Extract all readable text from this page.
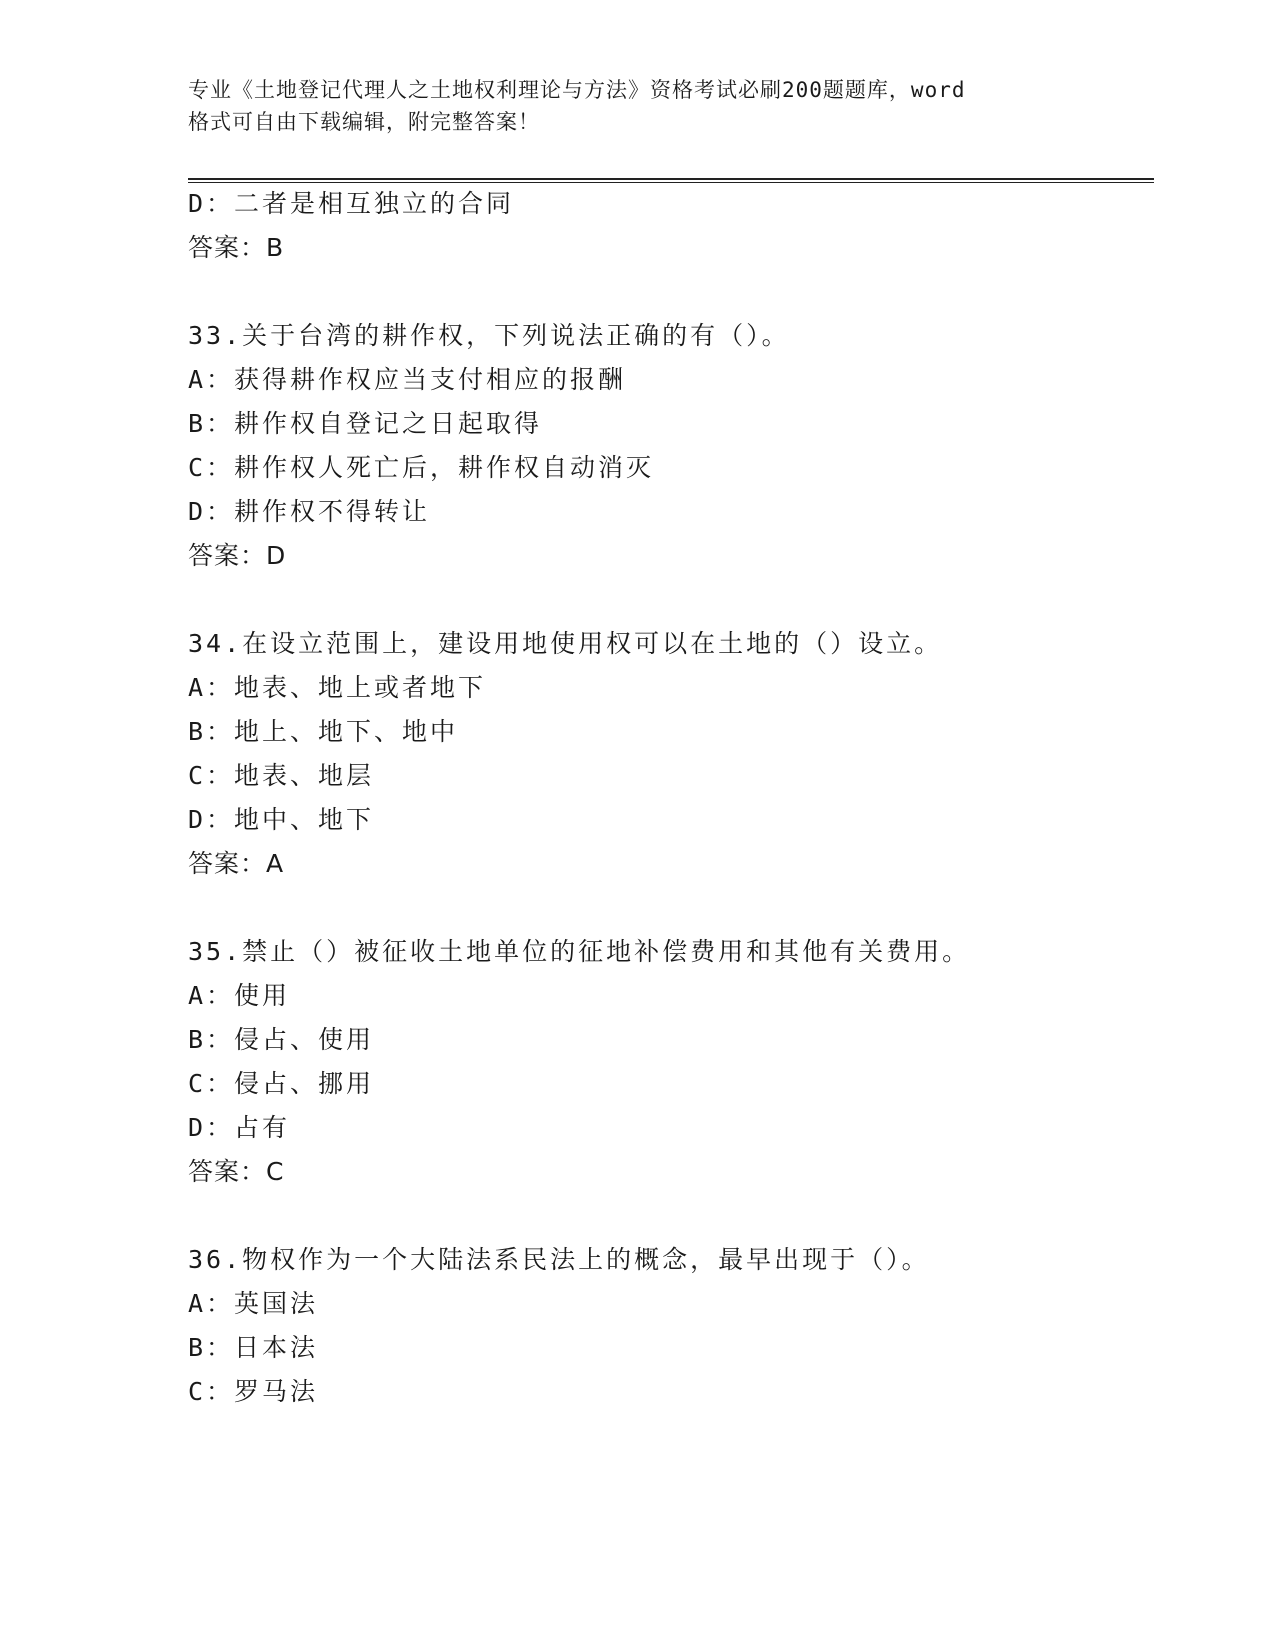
专业《土地登记代理人之土地权利理论与方法》资格考试必刷200题题库，word
格式可自由下载编辑，附完整答案！
D：二者是相互独立的合同
答案：B
33.关于台湾的耕作权，下列说法正确的有（）。
A：获得耕作权应当支付相应的报酬
B：耕作权自登记之日起取得
C：耕作权人死亡后，耕作权自动消灭
D：耕作权不得转让
答案：D
34.在设立范围上，建设用地使用权可以在土地的（）设立。
A：地表、地上或者地下
B：地上、地下、地中
C：地表、地层
D：地中、地下
答案：A
35.禁止（）被征收土地单位的征地补偿费用和其他有关费用。
A：使用
B：侵占、使用
C：侵占、挪用
D：占有
答案：C
36.物权作为一个大陆法系民法上的概念，最早出现于（）。
A：英国法
B：日本法
C：罗马法
